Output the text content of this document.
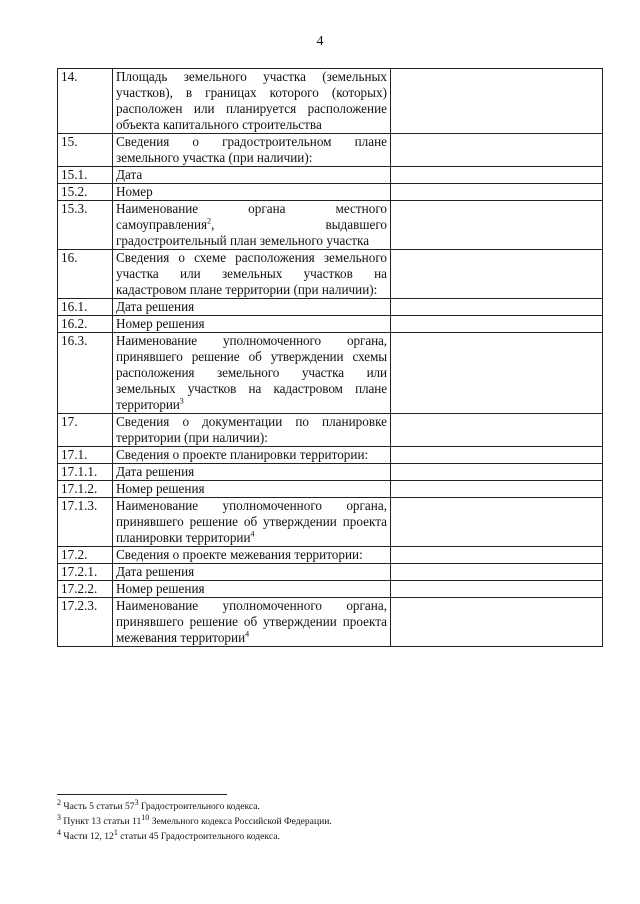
4
14.	Площадь земельного участка (земельных участков), в границах которого (которых) расположен или планируется расположение объекта капитального строительства	
15.	Сведения о градостроительном плане земельного участка (при наличии):	
15.1.	Дата	
15.2.	Номер	
15.3.	Наименование органа местного самоуправления$^2$, выдавшего градостроительный план земельного участка	
16.	Сведения о схеме расположения земельного участка или земельных участков на кадастровом плане территории (при наличии):	
16.1.	Дата решения	
16.2.	Номер решения	
16.3.	Наименование уполномоченного органа, принявшего решение об утверждении схемы расположения земельного участка или земельных участков на кадастровом плане территории$^3$	
17.	Сведения о документации по планировке территории (при наличии):	
17.1.	Сведения о проекте планировки территории:	
17.1.1.	Дата решения	
17.1.2.	Номер решения	
17.1.3.	Наименование уполномоченного органа, принявшего решение об утверждении проекта планировки территории$^4$	
17.2.	Сведения о проекте межевания территории:	
17.2.1.	Дата решения	
17.2.2.	Номер решения	
17.2.3.	Наименование уполномоченного органа, принявшего решение об утверждении проекта межевания территории$^4$	
$^2$ Часть 5 статьи $57^3$ Градостроительного кодекса.
$^3$ Пункт 13 статьи $11^{10}$ Земельного кодекса Российской Федерации.
$^4$ Части 12, $12^1$ статьи 45 Градостроительного кодекса.
